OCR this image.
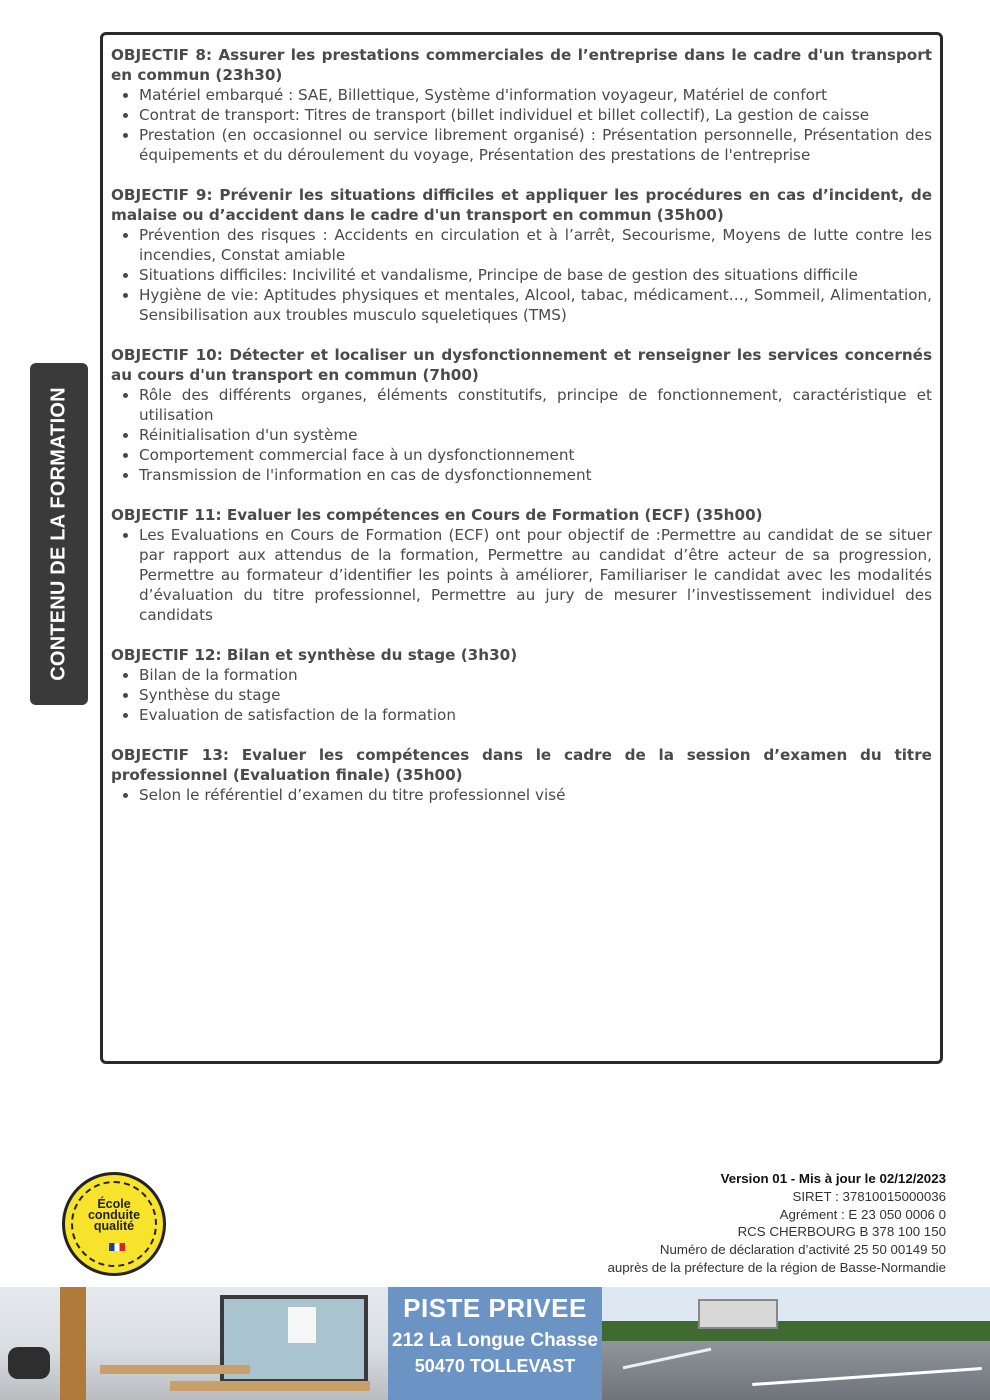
CONTENU DE LA FORMATION
OBJECTIF 8: Assurer les prestations commerciales de l’entreprise dans le cadre d'un transport en commun (23h30)
• Matériel embarqué : SAE, Billettique, Système d'information voyageur, Matériel de confort
• Contrat de transport: Titres de transport (billet individuel et billet collectif), La gestion de caisse
• Prestation (en occasionnel ou service librement organisé) : Présentation personnelle, Présentation des équipements et du déroulement du voyage, Présentation des prestations de l'entreprise
OBJECTIF 9: Prévenir les situations difficiles et appliquer les procédures en cas d’incident, de malaise ou d’accident dans le cadre d'un transport en commun (35h00)
• Prévention des risques : Accidents en circulation et à l’arrêt, Secourisme, Moyens de lutte contre les incendies, Constat amiable
• Situations difficiles: Incivilité et vandalisme, Principe de base de gestion des situations difficile
• Hygiène de vie: Aptitudes physiques et mentales, Alcool, tabac, médicament…, Sommeil, Alimentation, Sensibilisation aux troubles musculo squeletiques (TMS)
OBJECTIF 10: Détecter et localiser un dysfonctionnement et renseigner les services concernés au cours d'un transport en commun (7h00)
• Rôle des différents organes, éléments constitutifs, principe de fonctionnement, caractéristique et utilisation
• Réinitialisation d'un système
• Comportement commercial face à un dysfonctionnement
• Transmission de l'information en cas de dysfonctionnement
OBJECTIF 11: Evaluer les compétences en Cours de Formation (ECF) (35h00)
• Les Evaluations en Cours de Formation (ECF) ont pour objectif de :Permettre au candidat de se situer par rapport aux attendus de la formation, Permettre au candidat d’être acteur de sa progression, Permettre au formateur d’identifier les points à améliorer, Familiariser le candidat avec les modalités d’évaluation du titre professionnel, Permettre au jury de mesurer l’investissement individuel des candidats
OBJECTIF 12: Bilan et synthèse du stage (3h30)
• Bilan de la formation
• Synthèse du stage
• Evaluation de satisfaction de la formation
OBJECTIF 13: Evaluer les compétences dans le cadre de la session d’examen du titre professionnel (Evaluation finale) (35h00)
• Selon le référentiel d’examen du titre professionnel visé
École
conduite
qualité
Version 01 - Mis à jour le 02/12/2023
SIRET : 37810015000036
Agrément : E 23 050 0006 0
RCS CHERBOURG B 378 100 150
Numéro de déclaration d’activité 25 50 00149 50
auprès de la préfecture de la région de Basse-Normandie
PISTE PRIVEE
212 La Longue Chasse
50470 TOLLEVAST
